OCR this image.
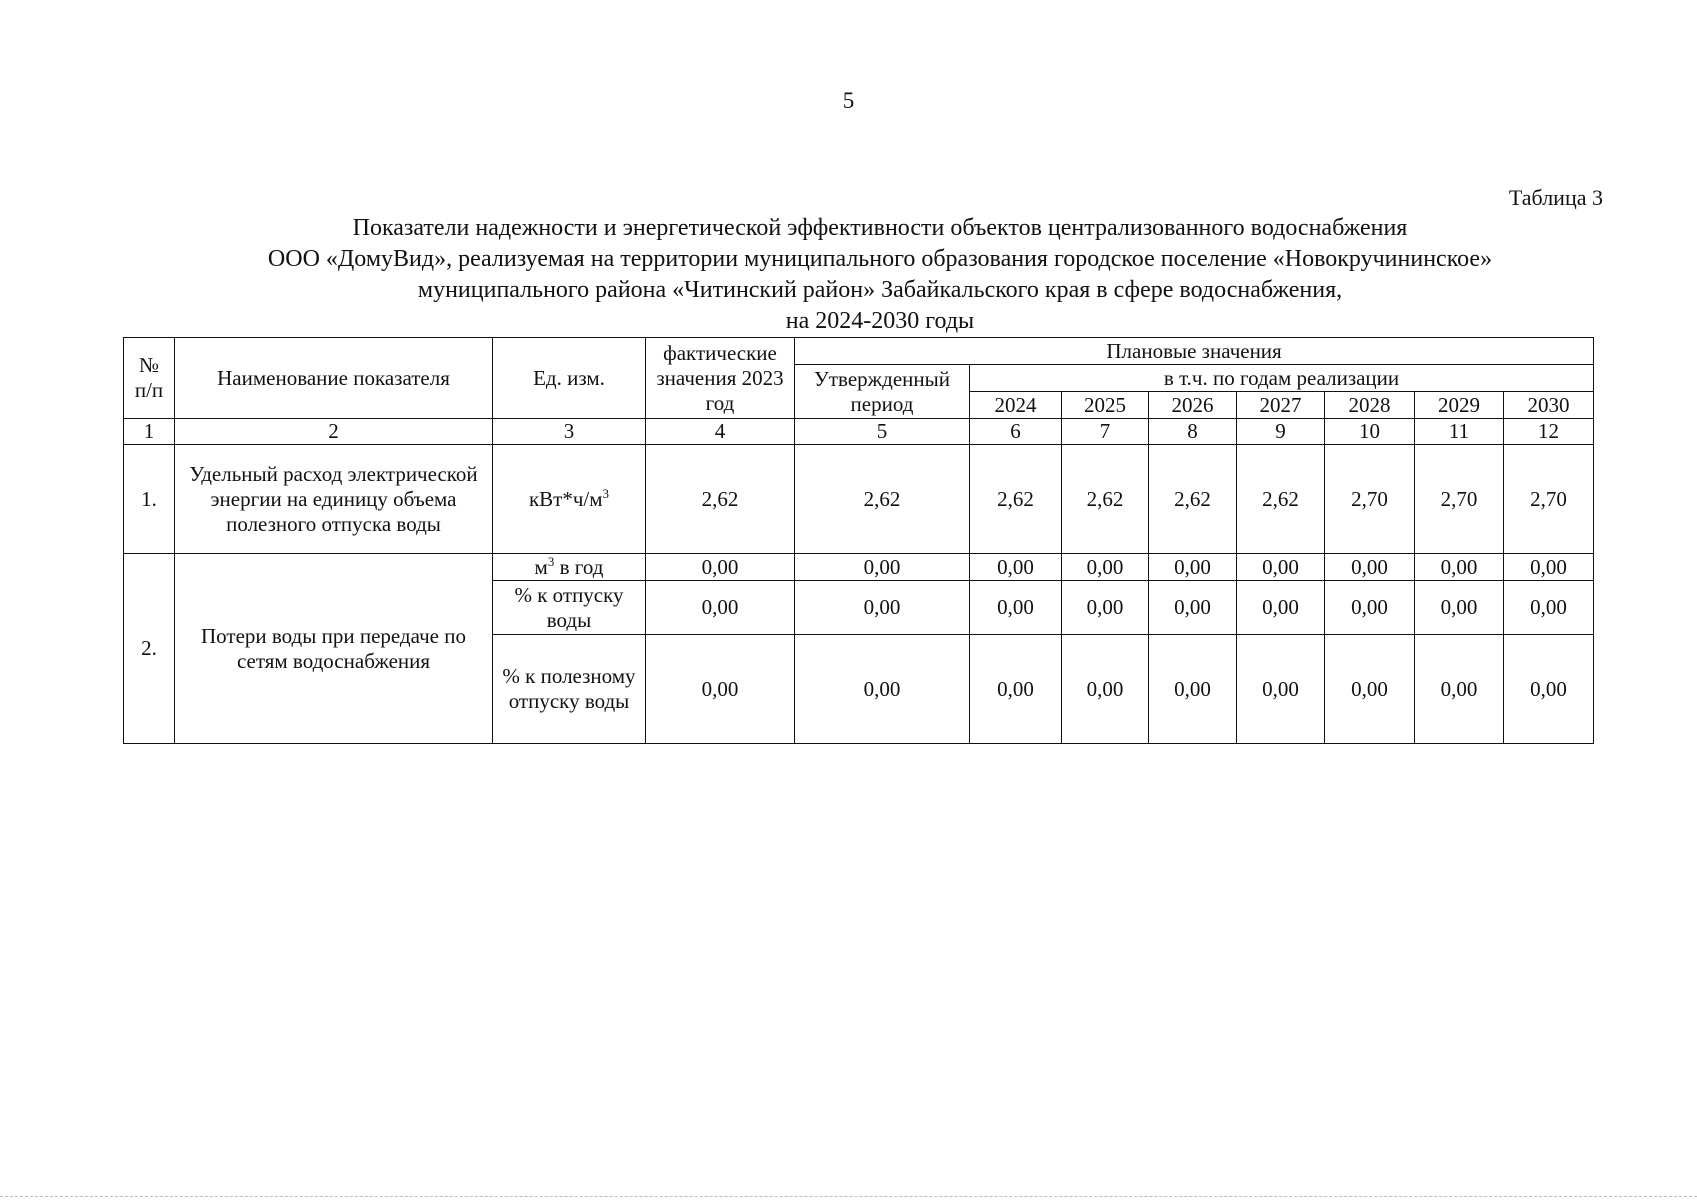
5
Таблица 3
Показатели надежности и энергетической эффективности объектов централизованного водоснабжения
ООО «ДомуВид», реализуемая на территории муниципального образования городское поселение «Новокручининское»
муниципального района «Читинский район» Забайкальского края в сфере водоснабжения,
на 2024-2030 годы
№ п/п	Наименование показателя	Ед. изм.	фактические значения 2023 год	Плановые значения							
				Утвержденный период	в т.ч. по годам реализации						
					2024	2025	2026	2027	2028	2029	2030
1	2	3	4	5	6	7	8	9	10	11	12
1.	Удельный расход электрической энергии на единицу объема полезного отпуска воды	$кВт*ч/м^3$	2,62	2,62	2,62	2,62	2,62	2,62	2,70	2,70	2,70
2.	Потери воды при передаче по сетям водоснабжения	$м^3$ в год	0,00	0,00	0,00	0,00	0,00	0,00	0,00	0,00	0,00
		% к отпуску воды	0,00	0,00	0,00	0,00	0,00	0,00	0,00	0,00	0,00
		% к полезному отпуску воды	0,00	0,00	0,00	0,00	0,00	0,00	0,00	0,00	0,00
